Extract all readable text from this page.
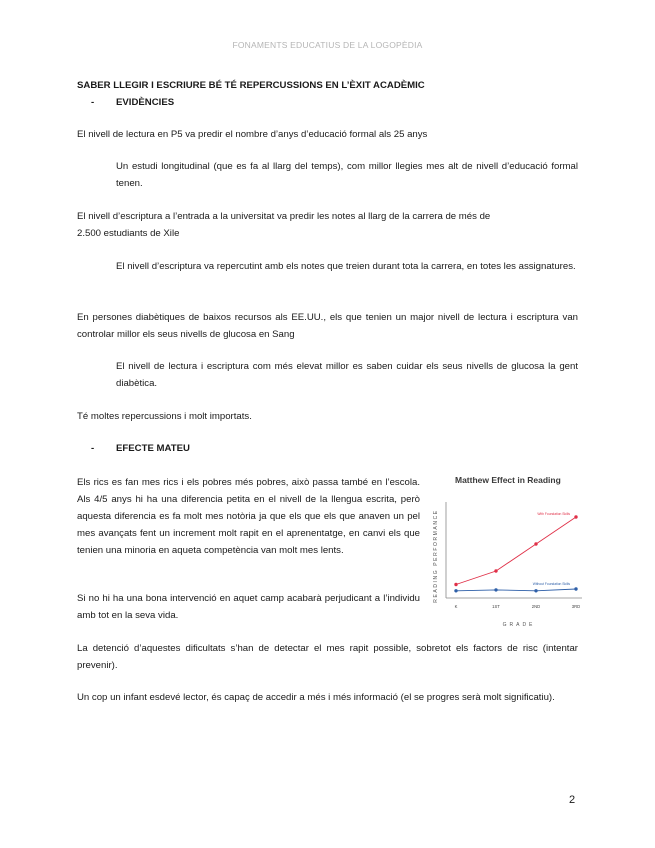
FONAMENTS EDUCATIUS DE LA LOGOPÈDIA
SABER LLEGIR I ESCRIURE BÉ TÉ REPERCUSSIONS EN L’ÈXIT ACADÈMIC
- EVIDÈNCIES
El nivell de lectura en P5 va predir el nombre d’anys d’educació formal als 25 anys
Un estudi longitudinal (que es fa al llarg del temps), com millor llegies mes alt de nivell d’educació formal tenen.
El nivell d’escriptura a l’entrada a la universitat va predir les notes al llarg de la carrera de més de
2.500 estudiants de Xile
El nivell d’escriptura va repercutint amb els notes que treien durant tota la carrera, en totes les assignatures.
En persones diabètiques de baixos recursos als EE.UU., els que tenien un major nivell de lectura i escriptura van controlar millor els seus nivells de glucosa en Sang
El nivell de lectura i escriptura com més elevat millor es saben cuidar els seus nivells de glucosa la gent diabètica.
Té moltes repercussions i molt importats.
- EFECTE MATEU
Els rics es fan mes rics i els pobres més pobres, això passa també en l’escola. Als 4/5 anys hi ha una diferencia petita en el nivell de la llengua escrita, però aquesta diferencia es fa molt mes notòria ja que els que els que anaven un pel mes avançats fent un increment molt rapit en el aprenentatge, en canvi els que tenien una minoria en aqueta competència van molt mes lents.
Si no hi ha una bona intervenció en aquet camp acabarà perjudicant a l’individu amb tot en la seva vida.
La detenció d’aquestes dificultats s’han de detectar el mes rapit possible, sobretot els factors de risc (intentar prevenir).
Un cop un infant esdevé lector, és capaç de accedir a més i més informació (el se progres serà molt significatiu).
2
Matthew Effect in Reading
READING PERFORMANCE
GRADE
With Foundation Skills
Without Foundation Skills
K	1ST	2ND	3RD
